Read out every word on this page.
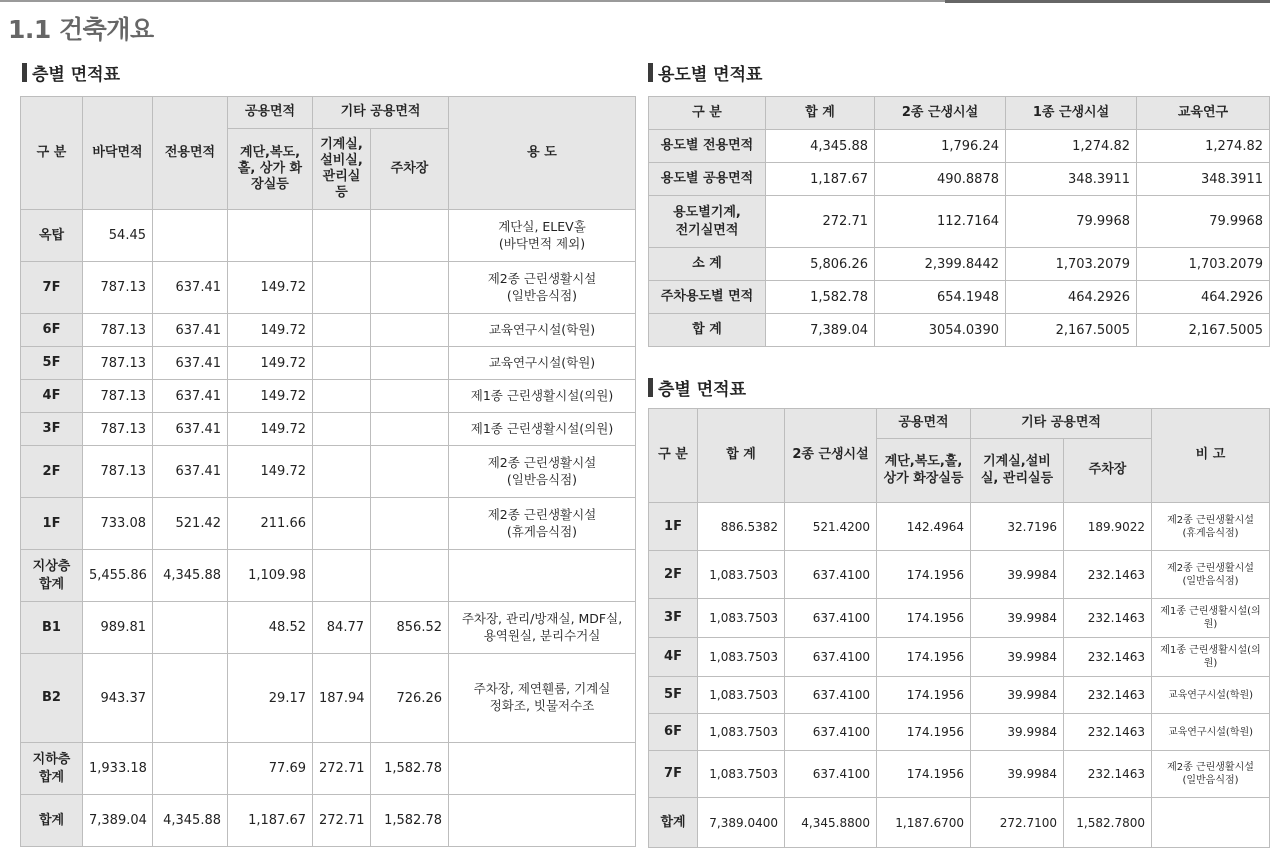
1.1 건축개요
층별 면적표	용도별 면적표
층별 면적표
구 분	바닥면적	전용면적	공용면적	기타 공용면적		용 도
			계단,복도, 홀, 상가 화장실등	기계실, 설비실, 관리실 등	주차장	
옥탑	54.45					계단실, ELEV홀
(바닥면적 제외)
7F	787.13	637.41	149.72			제2종 근린생활시설
(일반음식점)
6F	787.13	637.41	149.72			교육연구시설(학원)
5F	787.13	637.41	149.72			교육연구시설(학원)
4F	787.13	637.41	149.72			제1종 근린생활시설(의원)
3F	787.13	637.41	149.72			제1종 근린생활시설(의원)
2F	787.13	637.41	149.72			제2종 근린생활시설
(일반음식점)
1F	733.08	521.42	211.66			제2종 근린생활시설
(휴게음식점)
지상층
합계	5,455.86	4,345.88	1,109.98			
B1	989.81		48.52	84.77	856.52	주차장, 관리/방재실, MDF실,
용역원실, 분리수거실
B2	943.37		29.17	187.94	726.26	주차장, 제연휀룸, 기계실
정화조, 빗물저수조
지하층
합계	1,933.18		77.69	272.71	1,582.78	
합계	7,389.04	4,345.88	1,187.67	272.71	1,582.78	
구 분	합 계	2종 근생시설	1종 근생시설	교육연구
용도별 전용면적	4,345.88	1,796.24	1,274.82	1,274.82
용도별 공용면적	1,187.67	490.8878	348.3911	348.3911
용도별기계,
전기실면적	272.71	112.7164	79.9968	79.9968
소 계	5,806.26	2,399.8442	1,703.2079	1,703.2079
주차용도별 면적	1,582.78	654.1948	464.2926	464.2926
합 계	7,389.04	3054.0390	2,167.5005	2,167.5005
구 분	합 계	2종 근생시설	공용면적	기타 공용면적		비 고
			계단,복도,홀, 상가 화장실등	기계실,설비 실, 관리실등	주차장	
1F	886.5382	521.4200	142.4964	32.7196	189.9022	제2종 근린생활시설
(휴게음식점)
2F	1,083.7503	637.4100	174.1956	39.9984	232.1463	제2종 근린생활시설
(일반음식점)
3F	1,083.7503	637.4100	174.1956	39.9984	232.1463	제1종 근린생활시설(의원)
4F	1,083.7503	637.4100	174.1956	39.9984	232.1463	제1종 근린생활시설(의원)
5F	1,083.7503	637.4100	174.1956	39.9984	232.1463	교육연구시설(학원)
6F	1,083.7503	637.4100	174.1956	39.9984	232.1463	교육연구시설(학원)
7F	1,083.7503	637.4100	174.1956	39.9984	232.1463	제2종 근린생활시설
(일반음식점)
합계	7,389.0400	4,345.8800	1,187.6700	272.7100	1,582.7800	
